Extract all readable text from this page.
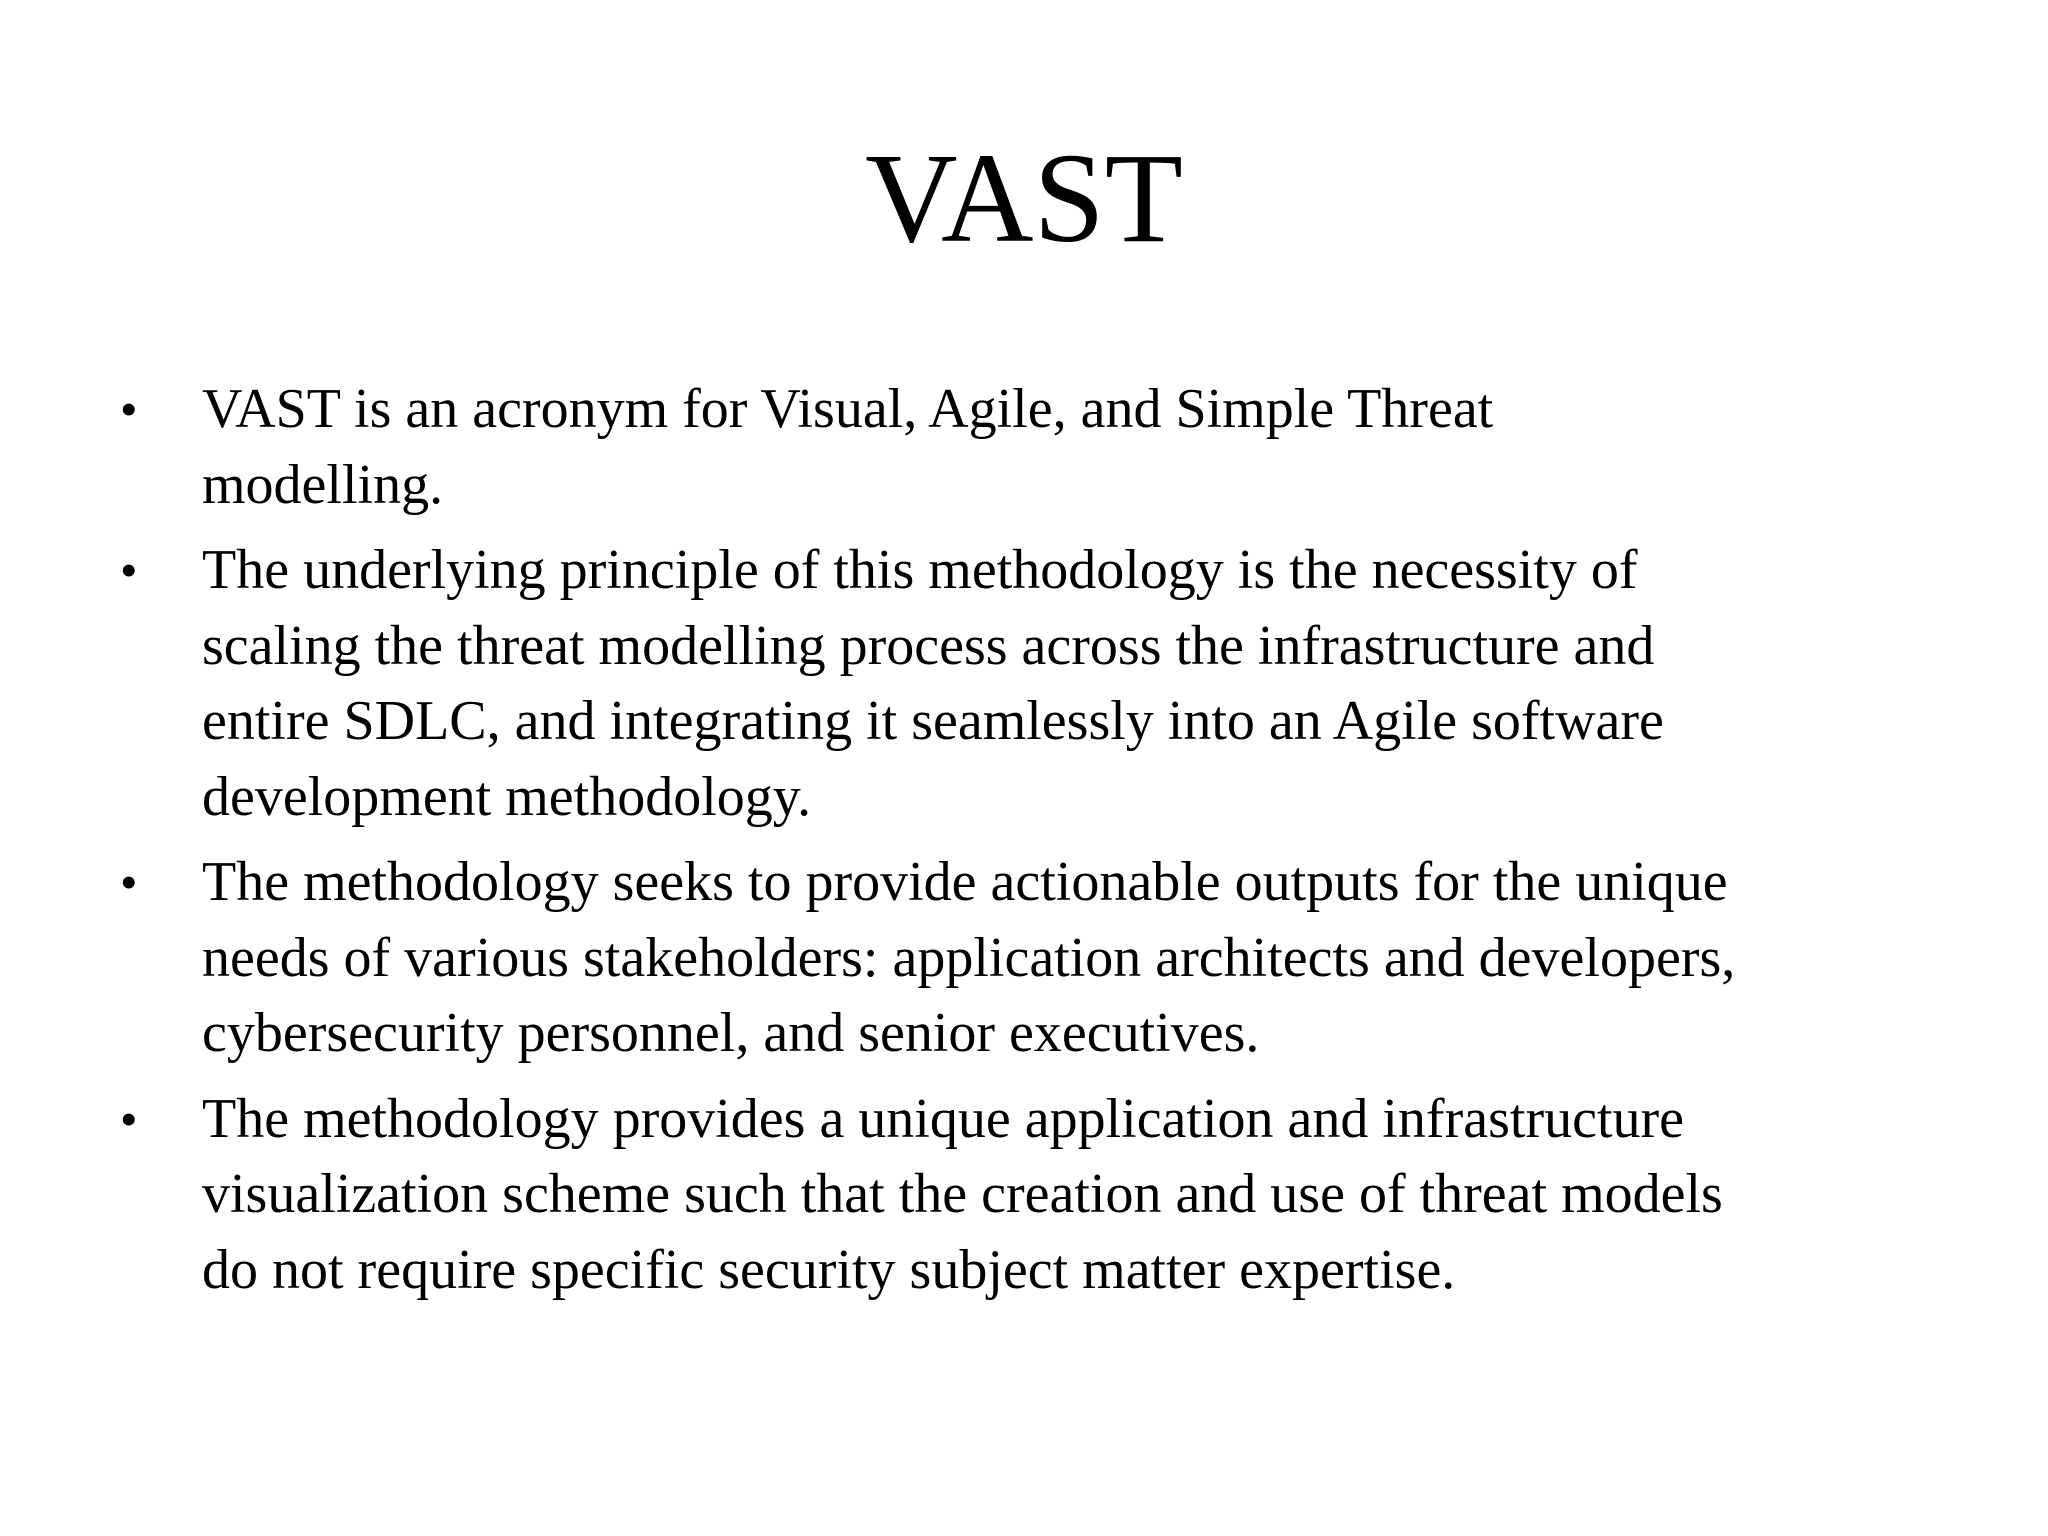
VAST
•	VAST is an acronym for Visual, Agile, and Simple Threat
modelling.
•	The underlying principle of this methodology is the necessity of
scaling the threat modelling process across the infrastructure and
entire SDLC, and integrating it seamlessly into an Agile software
development methodology.
•	The methodology seeks to provide actionable outputs for the unique
needs of various stakeholders: application architects and developers,
cybersecurity personnel, and senior executives.
•	The methodology provides a unique application and infrastructure
visualization scheme such that the creation and use of threat models
do not require specific security subject matter expertise.
